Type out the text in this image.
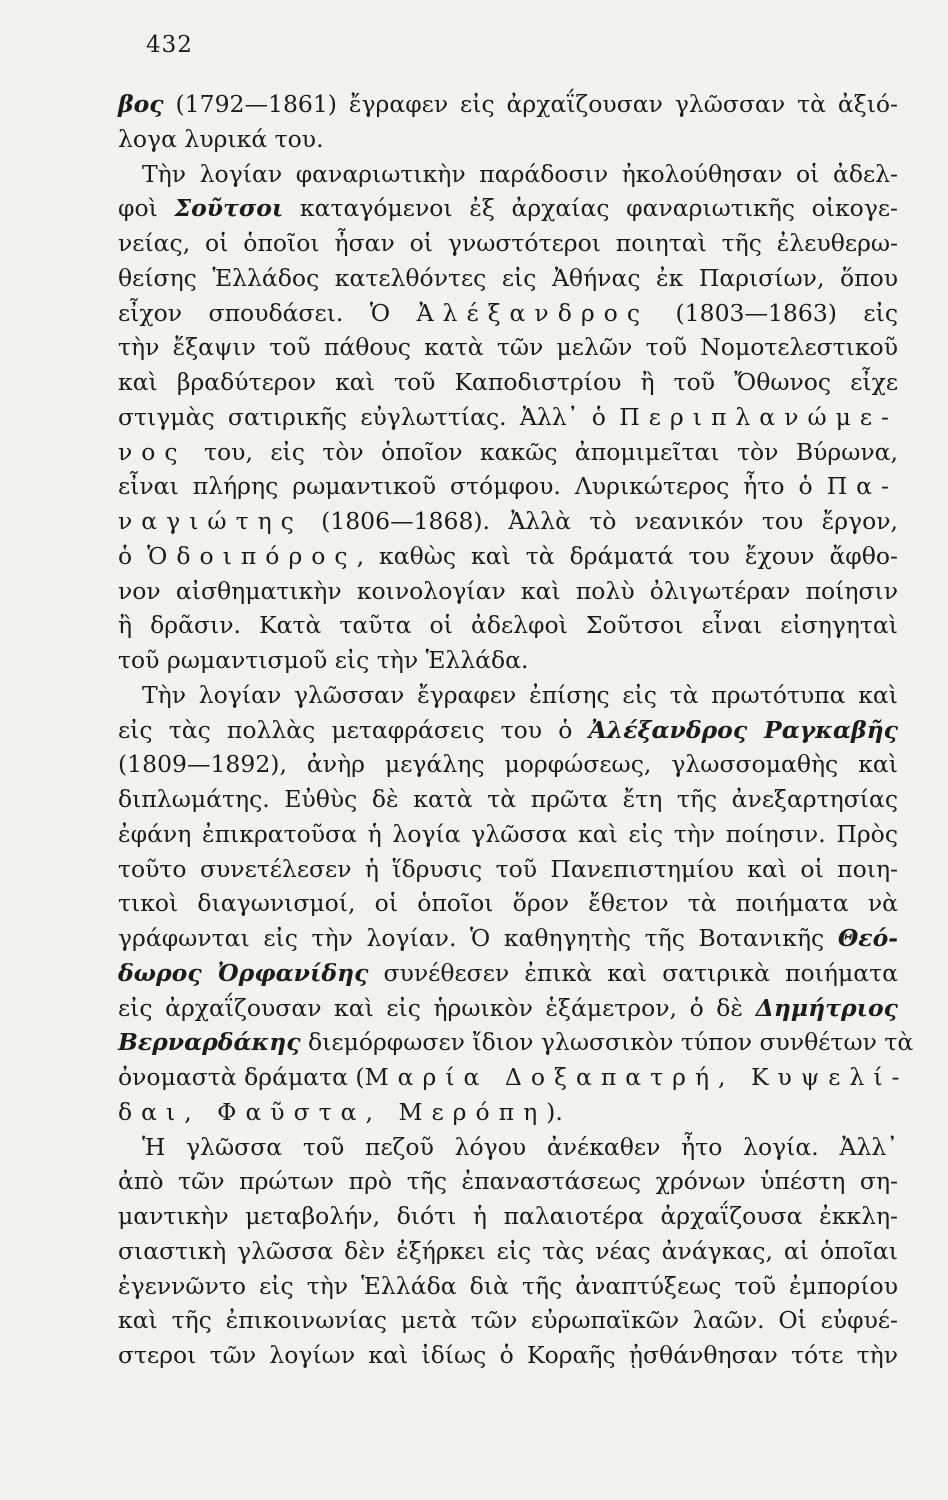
432
βος (1792—1861) ἔγραφεν εἰς ἀρχαΐζουσαν γλῶσσαν τὰ ἀξιό-
λογα λυρικά του.
Τὴν λογίαν φαναριωτικὴν παράδοσιν ἠκολούθησαν οἱ ἀδελ-
φοὶ Σοῦτσοι καταγόμενοι ἐξ ἀρχαίας φαναριωτικῆς οἰκογε-
νείας, οἱ ὁποῖοι ἦσαν οἱ γνωστότεροι ποιηταὶ τῆς ἐλευθερω-
θείσης Ἑλλάδος κατελθόντες εἰς Ἀθήνας ἐκ Παρισίων, ὅπου
εἶχον σπουδάσει. Ὁ Ἀλέξανδρος (1803—1863) εἰς
τὴν ἔξαψιν τοῦ πάθους κατὰ τῶν μελῶν τοῦ Νομοτελεστικοῦ
καὶ βραδύτερον καὶ τοῦ Καποδιστρίου ἢ τοῦ Ὄθωνος εἶχε
στιγμὰς σατιρικῆς εὐγλωττίας. Ἀλλ᾽ ὁ Περιπλανώμε-
νος του, εἰς τὸν ὁποῖον κακῶς ἀπομιμεῖται τὸν Βύρωνα,
εἶναι πλήρης ρωμαντικοῦ στόμφου. Λυρικώτερος ἦτο ὁ Πα-
ναγιώτης (1806—1868). Ἀλλὰ τὸ νεανικόν του ἔργον,
ὁ Ὁδοιπόρος, καθὼς καὶ τὰ δράματά του ἔχουν ἄφθο-
νον αἰσθηματικὴν κοινολογίαν καὶ πολὺ ὀλιγωτέραν ποίησιν
ἢ δρᾶσιν. Κατὰ ταῦτα οἱ ἀδελφοὶ Σοῦτσοι εἶναι εἰσηγηταὶ
τοῦ ρωμαντισμοῦ εἰς τὴν Ἑλλάδα.
Τὴν λογίαν γλῶσσαν ἔγραφεν ἐπίσης εἰς τὰ πρωτότυπα καὶ
εἰς τὰς πολλὰς μεταφράσεις του ὁ Ἀλέξανδρος Ραγκαβῆς
(1809—1892), ἀνὴρ μεγάλης μορφώσεως, γλωσσομαθὴς καὶ
διπλωμάτης. Εὐθὺς δὲ κατὰ τὰ πρῶτα ἔτη τῆς ἀνεξαρτησίας
ἐφάνη ἐπικρατοῦσα ἡ λογία γλῶσσα καὶ εἰς τὴν ποίησιν. Πρὸς
τοῦτο συνετέλεσεν ἡ ἵδρυσις τοῦ Πανεπιστημίου καὶ οἱ ποιη-
τικοὶ διαγωνισμοί, οἱ ὁποῖοι ὅρον ἔθετον τὰ ποιήματα νὰ
γράφωνται εἰς τὴν λογίαν. Ὁ καθηγητὴς τῆς Βοτανικῆς Θεό-
δωρος Ὀρφανίδης συνέθεσεν ἐπικὰ καὶ σατιρικὰ ποιήματα
εἰς ἀρχαΐζουσαν καὶ εἰς ἡρωικὸν ἑξάμετρον, ὁ δὲ Δημήτριος
Βερναρδάκης διεμόρφωσεν ἴδιον γλωσσικὸν τύπον συνθέτων τὰ
ὀνομαστὰ δράματα (Μαρία Δοξαπατρή, Κυψελί-
δαι, Φαῦστα, Μερόπη).
Ἡ γλῶσσα τοῦ πεζοῦ λόγου ἀνέκαθεν ἦτο λογία. Ἀλλ᾽
ἀπὸ τῶν πρώτων πρὸ τῆς ἐπαναστάσεως χρόνων ὑπέστη ση-
μαντικὴν μεταβολήν, διότι ἡ παλαιοτέρα ἀρχαΐζουσα ἐκκλη-
σιαστικὴ γλῶσσα δὲν ἐξήρκει εἰς τὰς νέας ἀνάγκας, αἱ ὁποῖαι
ἐγεννῶντο εἰς τὴν Ἑλλάδα διὰ τῆς ἀναπτύξεως τοῦ ἐμπορίου
καὶ τῆς ἐπικοινωνίας μετὰ τῶν εὐρωπαϊκῶν λαῶν. Οἱ εὐφυέ-
στεροι τῶν λογίων καὶ ἰδίως ὁ Κοραῆς ᾐσθάνθησαν τότε τὴν
